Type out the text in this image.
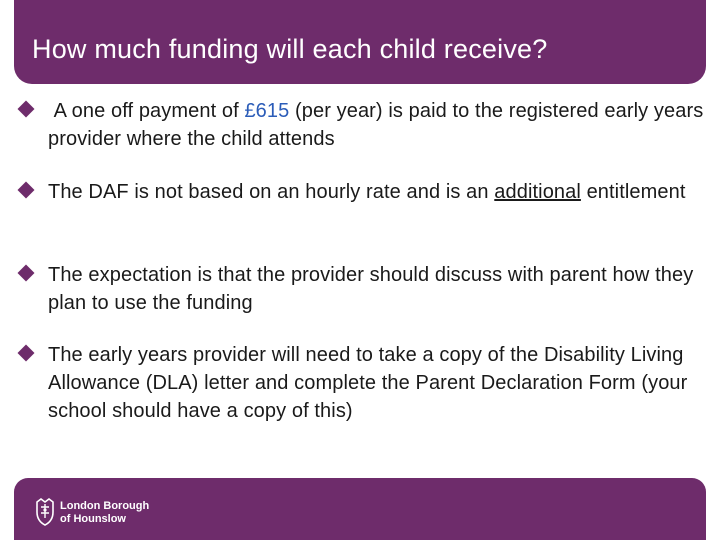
How much funding will each child receive?
A one off payment of £615 (per year) is paid to the registered early years provider where the child attends
The DAF is not based on an hourly rate and is an additional entitlement
The expectation is that the provider should discuss with parent how they plan to use the funding
The early years provider will need to take a copy of the Disability Living Allowance (DLA) letter and complete the Parent Declaration Form (your school should have a copy of this)
London Borough
of Hounslow
